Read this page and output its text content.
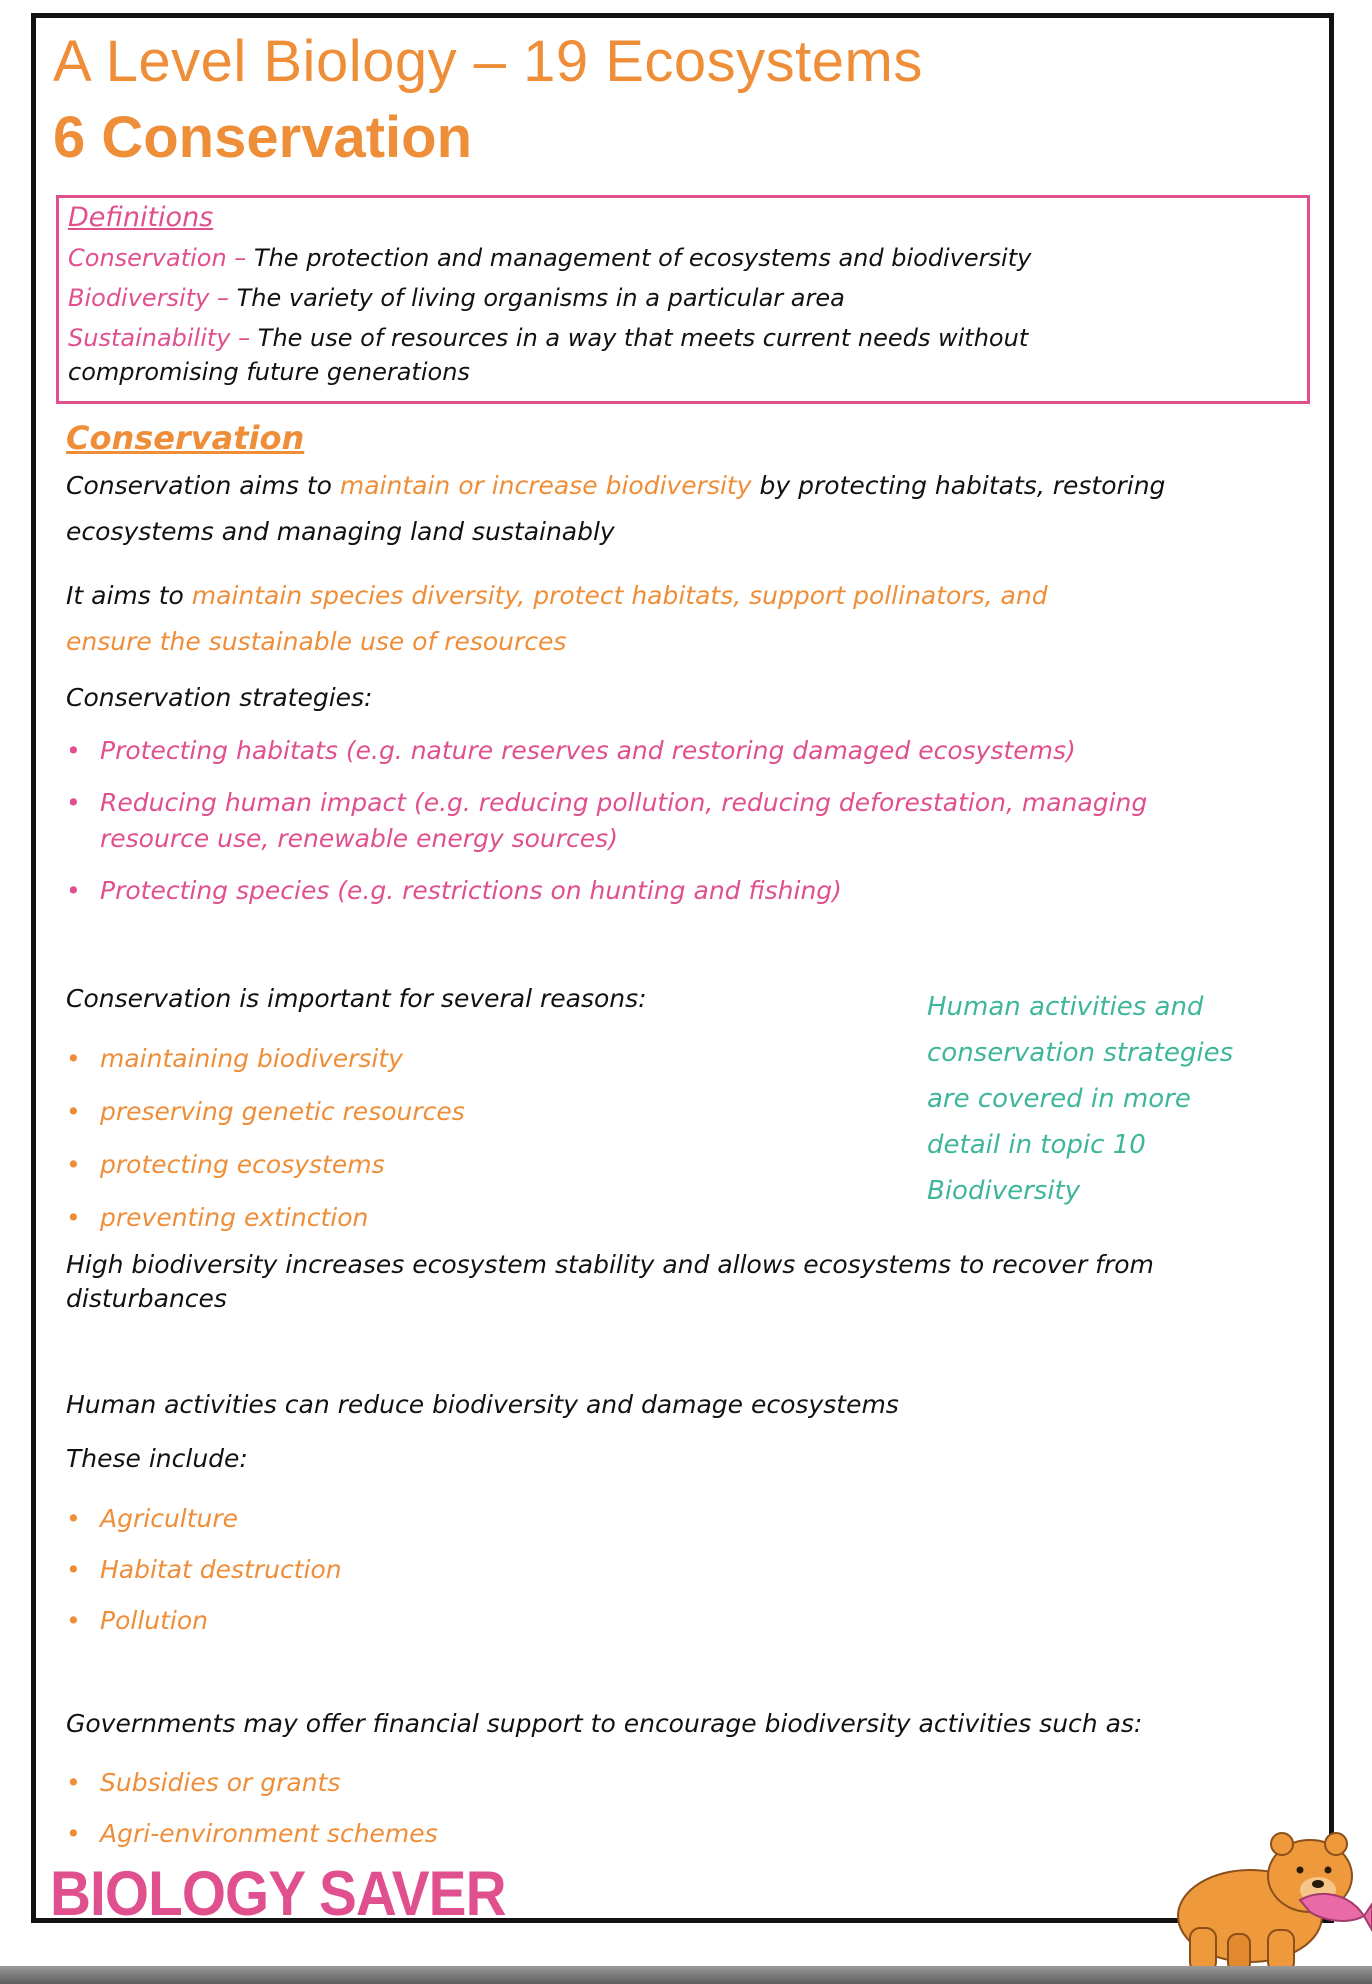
A Level Biology – 19 Ecosystems
6 Conservation
Definitions
Conservation – The protection and management of ecosystems and biodiversity
Biodiversity – The variety of living organisms in a particular area
Sustainability – The use of resources in a way that meets current needs without
compromising future generations
Conservation
Conservation aims to maintain or increase biodiversity by protecting habitats, restoring
ecosystems and managing land sustainably
It aims to maintain species diversity, protect habitats, support pollinators, and
ensure the sustainable use of resources
Conservation strategies:
• Protecting habitats (e.g. nature reserves and restoring damaged ecosystems)
• Reducing human impact (e.g. reducing pollution, reducing deforestation, managing
resource use, renewable energy sources)
• Protecting species (e.g. restrictions on hunting and fishing)
Conservation is important for several reasons:
• maintaining biodiversity
• preserving genetic resources
• protecting ecosystems
• preventing extinction
Human activities and
conservation strategies
are covered in more
detail in topic 10
Biodiversity
High biodiversity increases ecosystem stability and allows ecosystems to recover from
disturbances
Human activities can reduce biodiversity and damage ecosystems
These include:
• Agriculture
• Habitat destruction
• Pollution
Governments may offer financial support to encourage biodiversity activities such as:
• Subsidies or grants
• Agri-environment schemes
BIOLOGY SAVER
